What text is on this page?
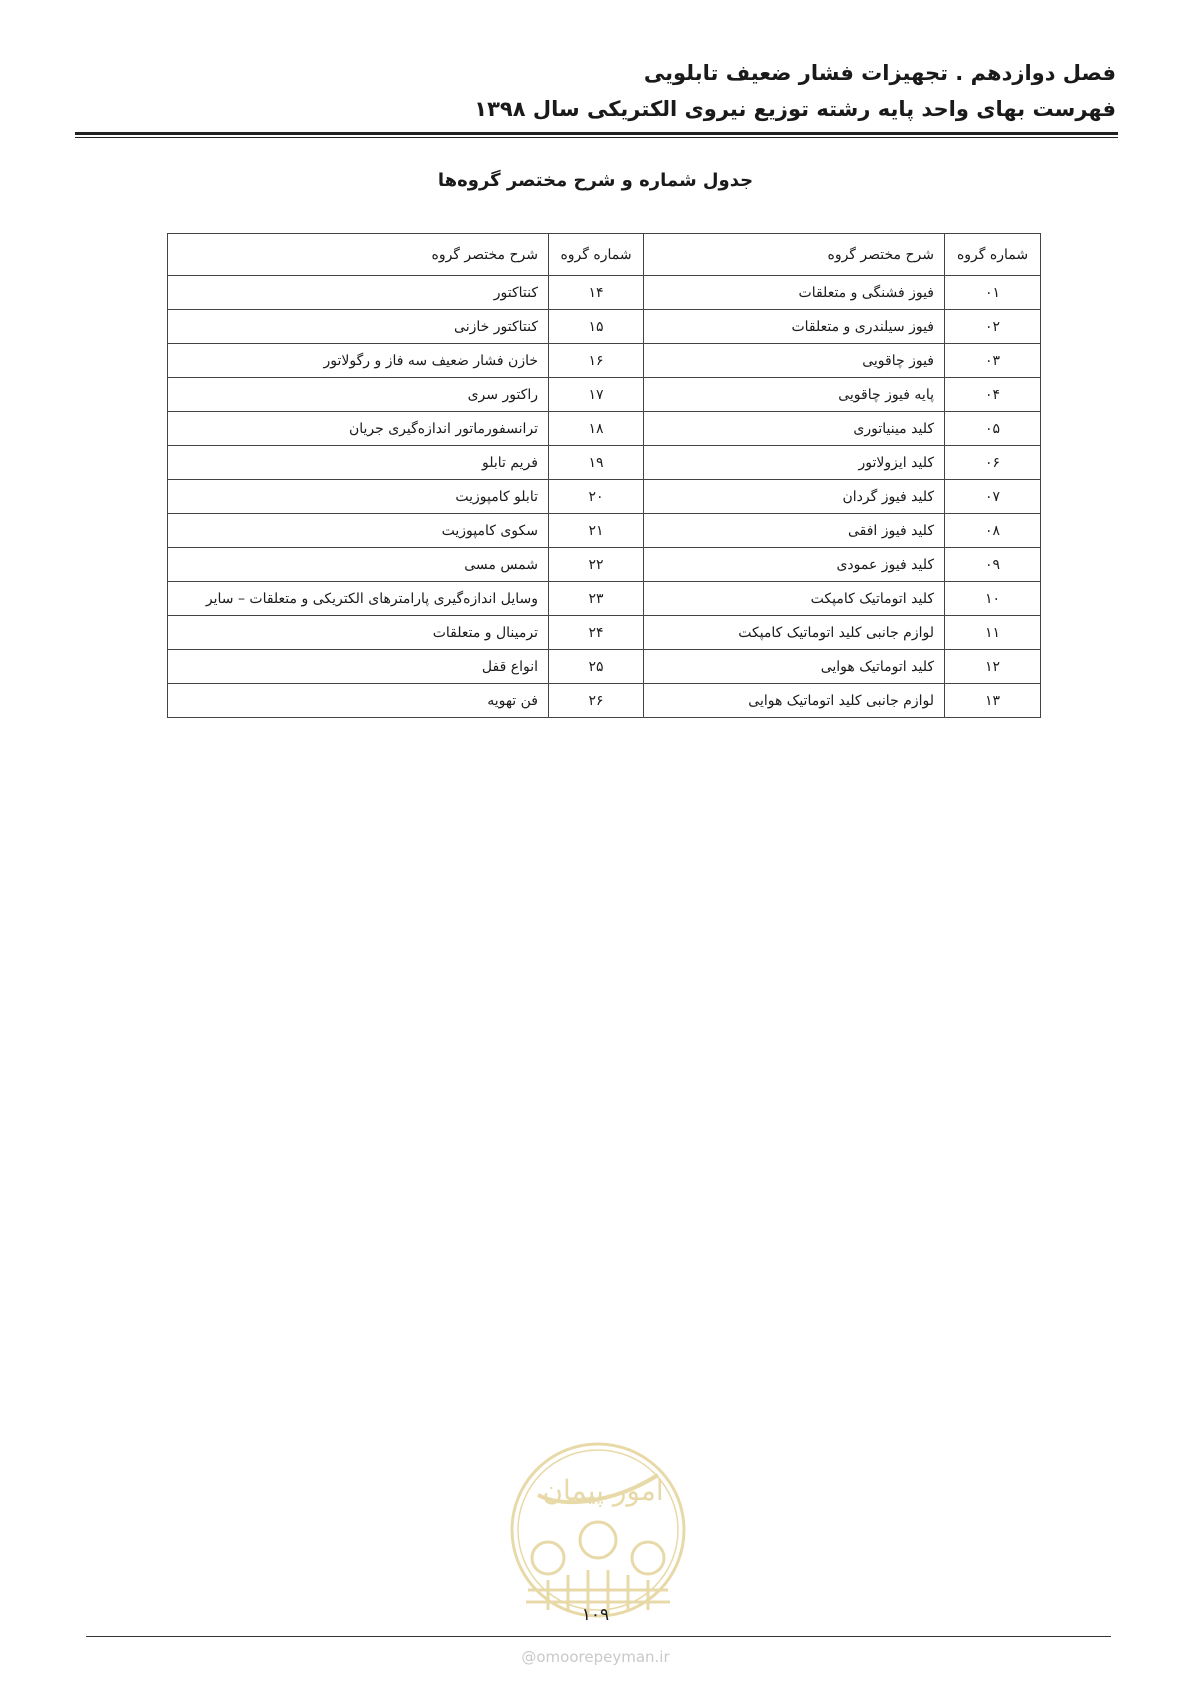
فصل دوازدهم . تجهیزات فشار ضعیف تابلویی
فهرست بهای واحد پایه رشته توزیع نیروی الکتریکی سال ۱۳۹۸
جدول شماره و شرح مختصر گروه‌ها
شماره گروه	شرح مختصر گروه	شماره گروه	شرح مختصر گروه
۰۱	فیوز فشنگی و متعلقات	۱۴	کنتاکتور
۰۲	فیوز سیلندری و متعلقات	۱۵	کنتاکتور خازنی
۰۳	فیوز چاقویی	۱۶	خازن فشار ضعیف سه فاز و رگولاتور
۰۴	پایه فیوز چاقویی	۱۷	راکتور سری
۰۵	کلید مینیاتوری	۱۸	ترانسفورماتور اندازه‌گیری جریان
۰۶	کلید ایزولاتور	۱۹	فریم تابلو
۰۷	کلید فیوز گردان	۲۰	تابلو کامپوزیت
۰۸	کلید فیوز افقی	۲۱	سکوی کامپوزیت
۰۹	کلید فیوز عمودی	۲۲	شمس مسی
۱۰	کلید اتوماتیک کامپکت	۲۳	وسایل اندازه‌گیری پارامترهای الکتریکی و متعلقات – سایر
۱۱	لوازم جانبی کلید اتوماتیک کامپکت	۲۴	ترمینال و متعلقات
۱۲	کلید اتوماتیک هوایی	۲۵	انواع قفل
۱۳	لوازم جانبی کلید اتوماتیک هوایی	۲۶	فن تهویه
امور پیمان
۱۰۹
@omoorepeyman.ir
